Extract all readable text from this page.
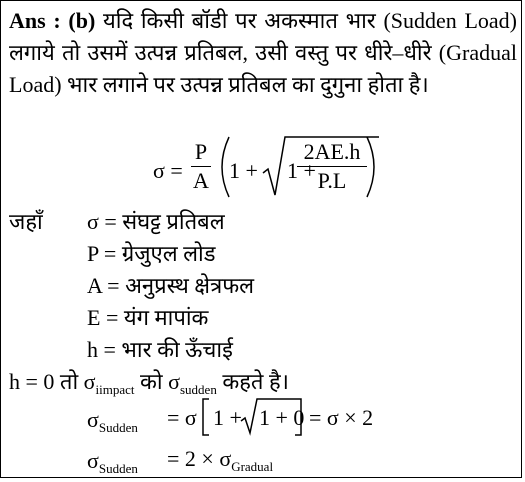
Ans : (b) यदि किसी बॉडी पर अकस्मात भार (Sudden Load) लगाये तो उसमें उत्पन्न प्रतिबल, उसी वस्तु पर धीरे–धीरे (Gradual Load) भार लगाने पर उत्पन्न प्रतिबल का दुगुना होता है।
σ =
P
A 1 + 1 +
2AE.h
P.L
जहाँ σ = संघट्ट प्रतिबल
P = ग्रेजुएल लोड
A = अनुप्रस्थ क्षेत्रफल
E = यंग मापांक
h = भार की ऊँचाई
h = 0 तो $\sigma_{iimpact}$ को $\sigma_{sudden}$ कहते है।
$\sigma_{Sudden} = \sigma$ 1 + 1 + 0 = σ × 2
$\sigma_{Sudden} = 2 \times \sigma_{Gradual}$
